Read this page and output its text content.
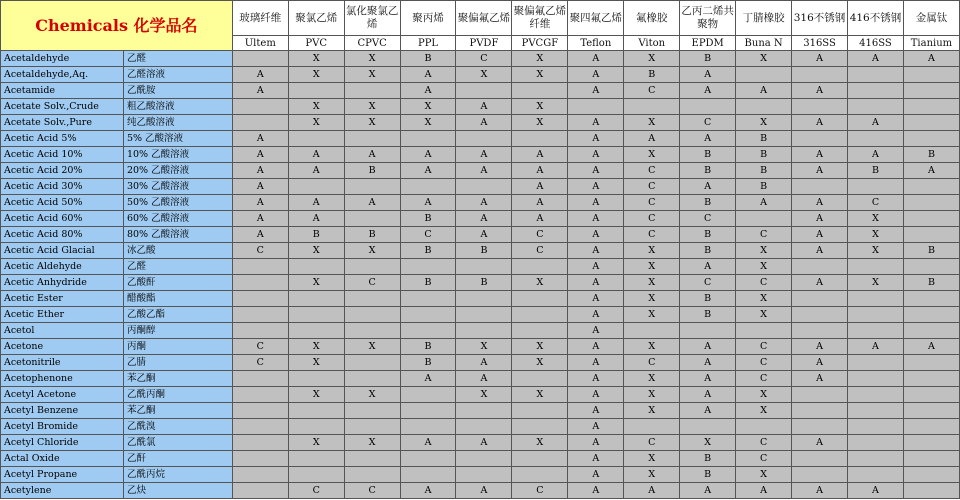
Chemicals 化学品名		玻璃纤维	聚氯乙烯	氯化聚氯乙烯	聚丙烯	聚偏氟乙烯	聚偏氟乙烯纤维	聚四氟乙烯	氟橡胶	乙丙二烯共聚物	丁腈橡胶	316不锈钢	416不锈钢	金属钛
		Ultem	PVC	CPVC	PPL	PVDF	PVCGF	Teflon	Viton	EPDM	Buna N	316SS	416SS	Tianium
Acetaldehyde	乙醛		X	X	B	C	X	A	X	B	X	A	A	A
Acetaldehyde,Aq.	乙醛溶液	A	X	X	A	X	X	A	B	A				
Acetamide	乙酰胺	A			A			A	C	A	A	A		
Acetate Solv.,Crude	粗乙酸溶液		X	X	X	A	X							
Acetate Solv.,Pure	纯乙酸溶液		X	X	X	A	X	A	X	C	X	A	A	
Acetic Acid 5%	5% 乙酸溶液	A						A	A	A	B			
Acetic Acid 10%	10% 乙酸溶液	A	A	A	A	A	A	A	X	B	B	A	A	B
Acetic Acid 20%	20% 乙酸溶液	A	A	B	A	A	A	A	C	B	B	A	B	A
Acetic Acid 30%	30% 乙酸溶液	A					A	A	C	A	B			
Acetic Acid 50%	50% 乙酸溶液	A	A	A	A	A	A	A	C	B	A	A	C	
Acetic Acid 60%	60% 乙酸溶液	A	A		B	A	A	A	C	C		A	X	
Acetic Acid 80%	80% 乙酸溶液	A	B	B	C	A	C	A	C	B	C	A	X	
Acetic Acid Glacial	冰乙酸	C	X	X	B	B	C	A	X	B	X	A	X	B
Acetic Aldehyde	乙醛							A	X	A	X			
Acetic Anhydride	乙酸酐		X	C	B	B	X	A	X	C	C	A	X	B
Acetic Ester	醋酸酯							A	X	B	X			
Acetic Ether	乙酸乙酯							A	X	B	X			
Acetol	丙酮醇							A						
Acetone	丙酮	C	X	X	B	X	X	A	X	A	C	A	A	A
Acetonitrile	乙腈	C	X		B	A	X	A	C	A	C	A		
Acetophenone	苯乙酮				A	A		A	X	A	C	A		
Acetyl Acetone	乙酰丙酮		X	X		X	X	A	X	A	X			
Acetyl Benzene	苯乙酮							A	X	A	X			
Acetyl Bromide	乙酰溴							A						
Acetyl Chloride	乙酰氯		X	X	A	A	X	A	C	X	C	A		
Actal Oxide	乙酐							A	X	B	C			
Acetyl Propane	乙酰丙烷							A	X	B	X			
Acetylene	乙炔		C	C	A	A	C	A	A	A	A	A	A	
